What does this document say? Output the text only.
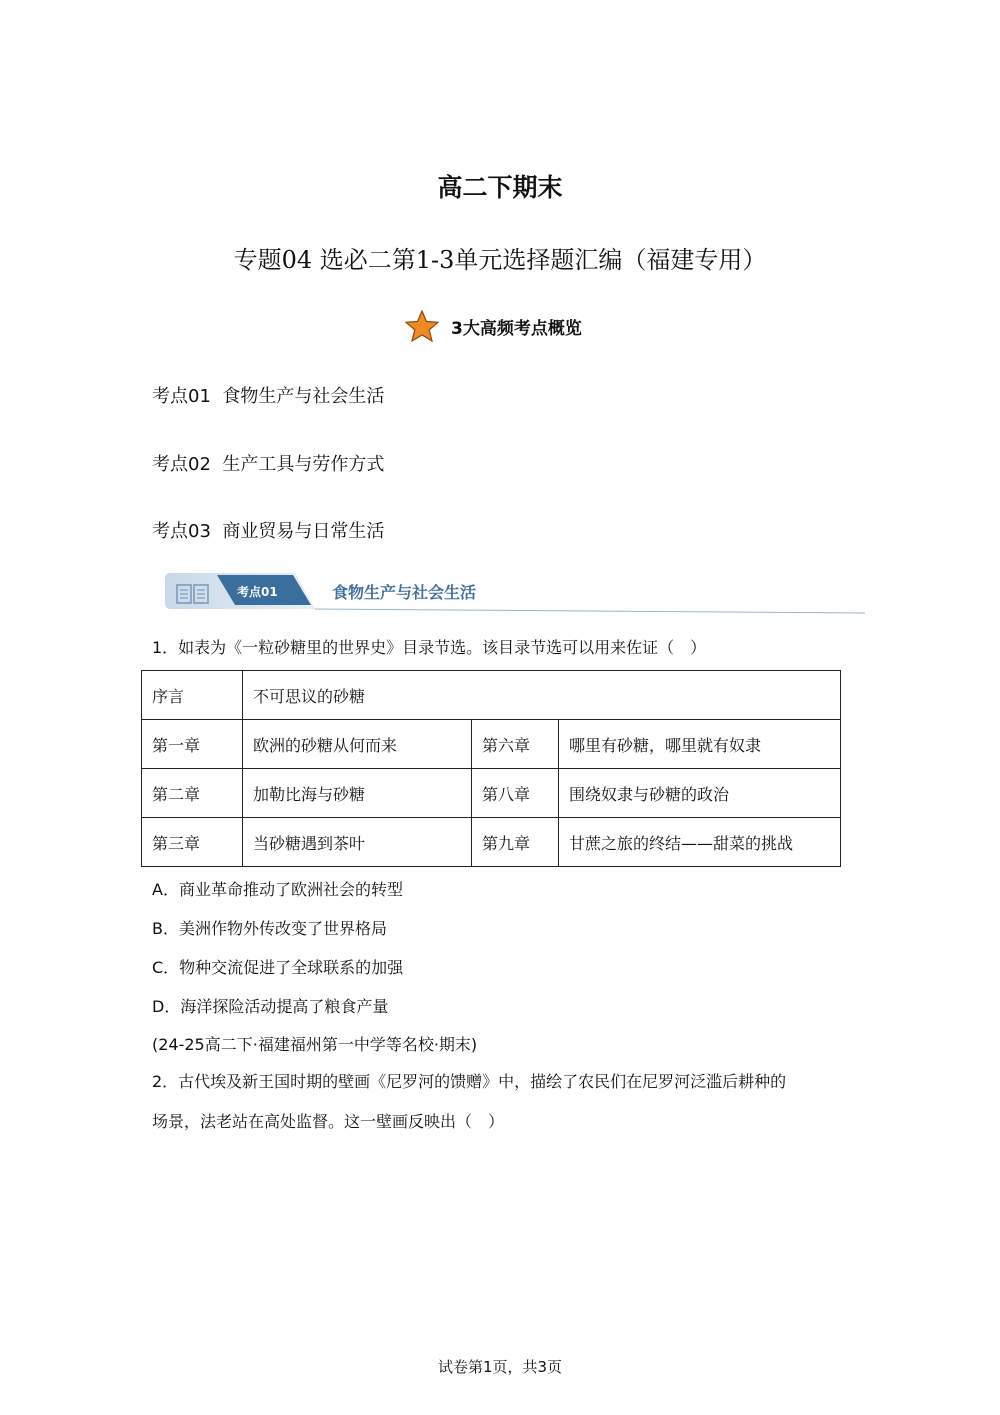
高二下期末
专题04 选必二第1-3单元选择题汇编（福建专用）
3大高频考点概览
考点01 食物生产与社会生活
考点02 生产工具与劳作方式
考点03 商业贸易与日常生活
考点01	食物生产与社会生活
1．如表为《一粒砂糖里的世界史》目录节选。该目录节选可以用来佐证（　）
序言	不可思议的砂糖		
第一章	欧洲的砂糖从何而来	第六章	哪里有砂糖，哪里就有奴隶
第二章	加勒比海与砂糖	第八章	围绕奴隶与砂糖的政治
第三章	当砂糖遇到茶叶	第九章	甘蔗之旅的终结——甜菜的挑战
A．商业革命推动了欧洲社会的转型
B．美洲作物外传改变了世界格局
C．物种交流促进了全球联系的加强
D．海洋探险活动提高了粮食产量
(24-25高二下·福建福州第一中学等名校·期末)
2．古代埃及新王国时期的壁画《尼罗河的馈赠》中，描绘了农民们在尼罗河泛滥后耕种的
场景，法老站在高处监督。这一壁画反映出（　）
试卷第1页，共3页
